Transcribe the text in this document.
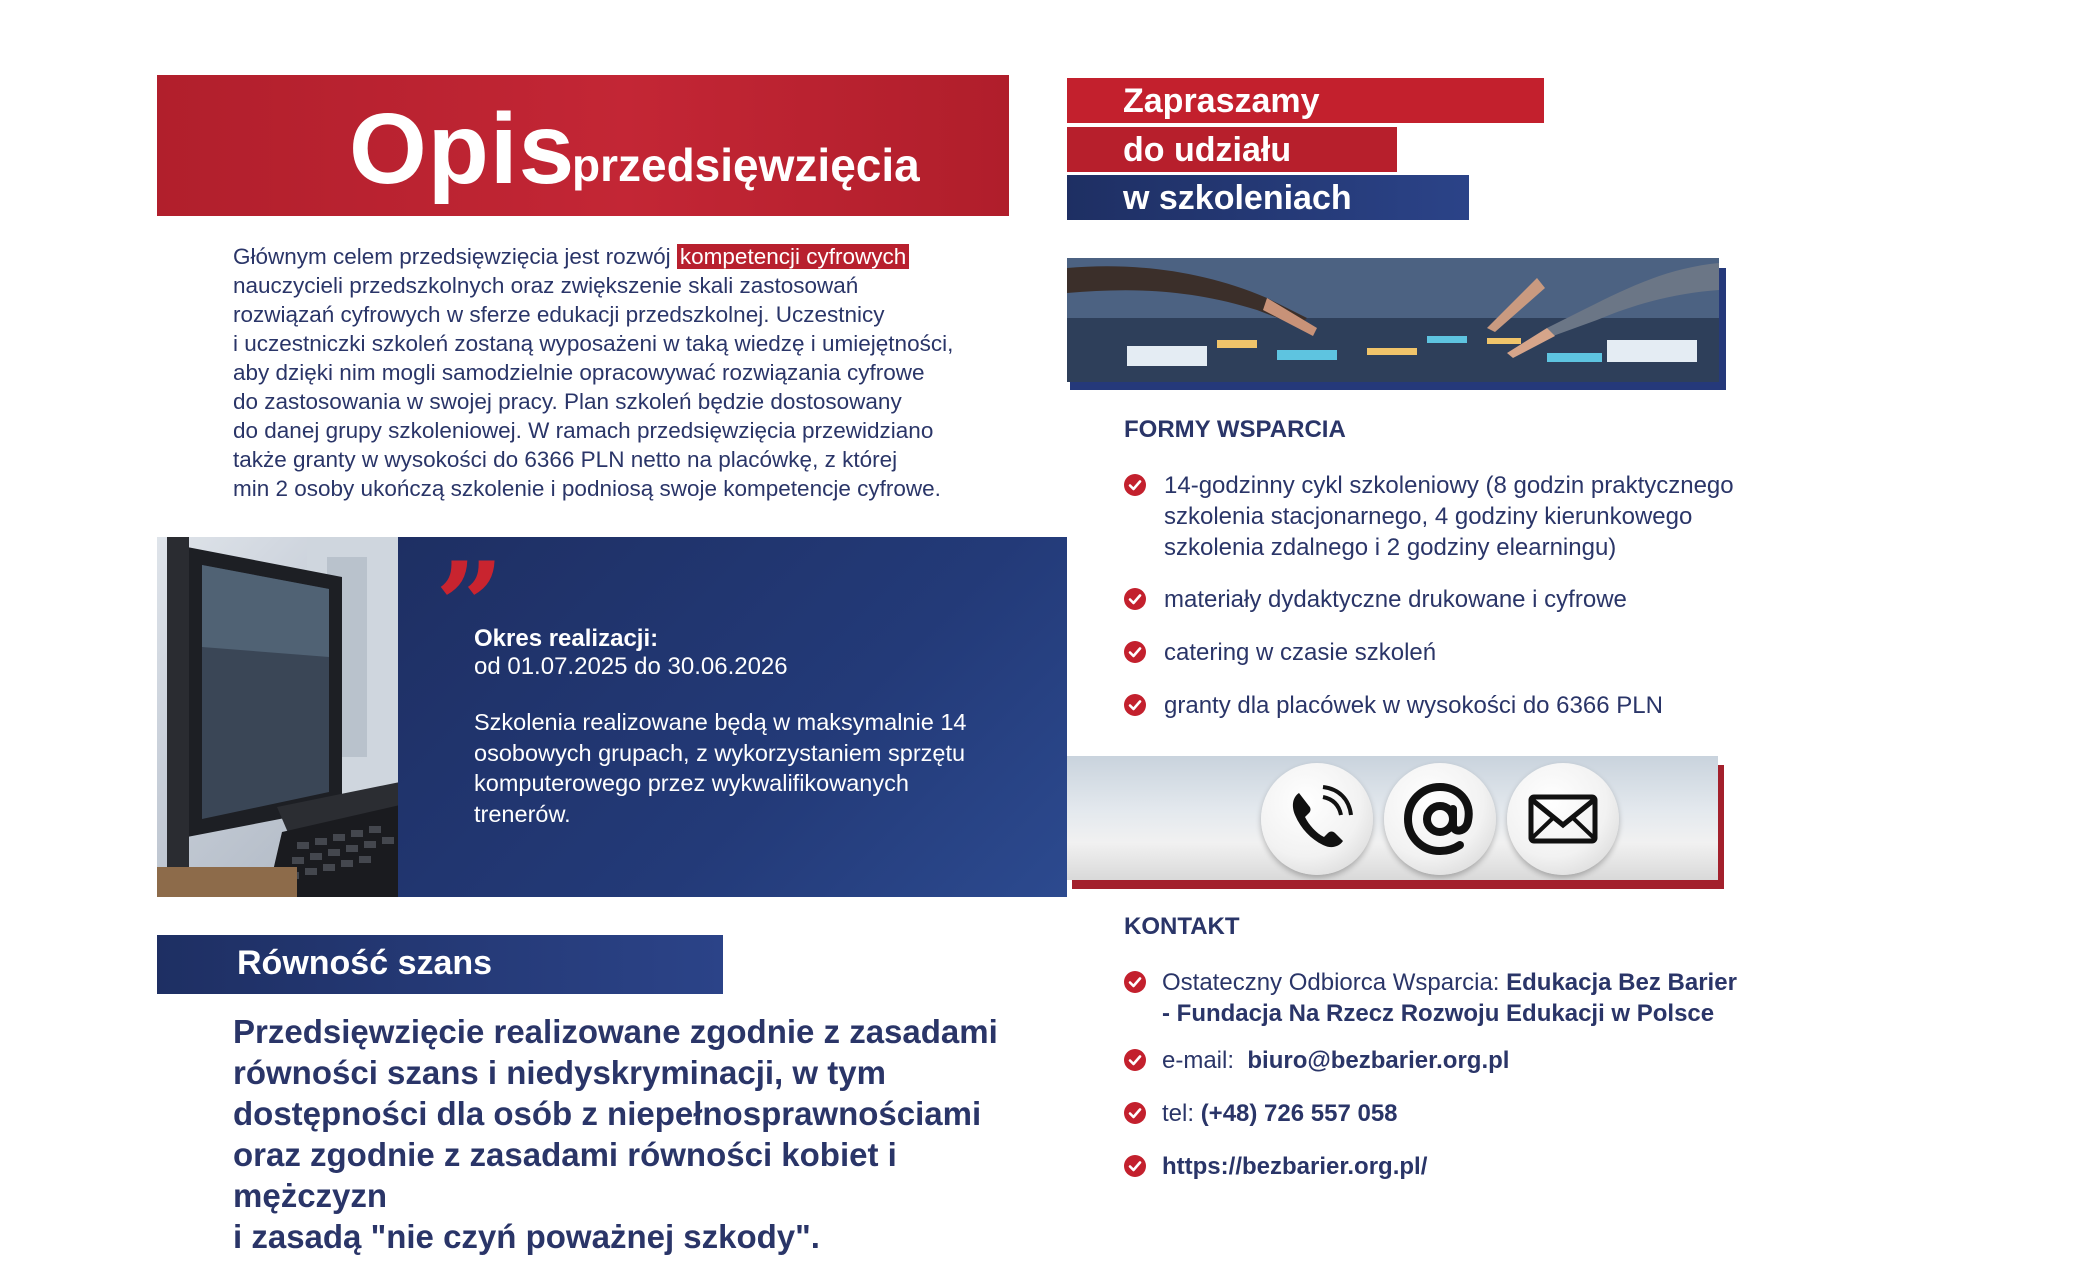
Opis
przedsięwzięcia
Głównym celem przedsięwzięcia jest rozwój kompetencji cyfrowych
nauczycieli przedszkolnych oraz zwiększenie skali zastosowań
rozwiązań cyfrowych w sferze edukacji przedszkolnej. Uczestnicy
i uczestniczki szkoleń zostaną wyposażeni w taką wiedzę i umiejętności,
aby dzięki nim mogli samodzielnie opracowywać rozwiązania cyfrowe
do zastosowania w swojej pracy. Plan szkoleń będzie dostosowany
do danej grupy szkoleniowej. W ramach przedsięwzięcia przewidziano
także granty w wysokości do 6366 PLN netto na placówkę, z której
min 2 osoby ukończą szkolenie i podniosą swoje kompetencje cyfrowe.
”
Okres realizacji:
od 01.07.2025 do 30.06.2026
Szkolenia realizowane będą w maksymalnie 14
osobowych grupach, z wykorzystaniem sprzętu
komputerowego przez wykwalifikowanych
trenerów.
Równość szans
Przedsięwzięcie realizowane zgodnie z zasadami
równości szans i niedyskryminacji, w tym
dostępności dla osób z niepełnosprawnościami
oraz zgodnie z zasadami równości kobiet i mężczyzn
i zasadą "nie czyń poważnej szkody".
Zapraszamy
do udziału
w szkoleniach
FORMY WSPARCIA
14-godzinny cykl szkoleniowy (8 godzin praktycznego
szkolenia stacjonarnego, 4 godziny kierunkowego
szkolenia zdalnego i 2 godziny elearningu)
materiały dydaktyczne drukowane i cyfrowe
catering w czasie szkoleń
granty dla placówek w wysokości do 6366 PLN
KONTAKT
Ostateczny Odbiorca Wsparcia: Edukacja Bez Barier
- Fundacja Na Rzecz Rozwoju Edukacji w Polsce
e-mail:  biuro@bezbarier.org.pl
tel: (+48) 726 557 058
https://bezbarier.org.pl/
